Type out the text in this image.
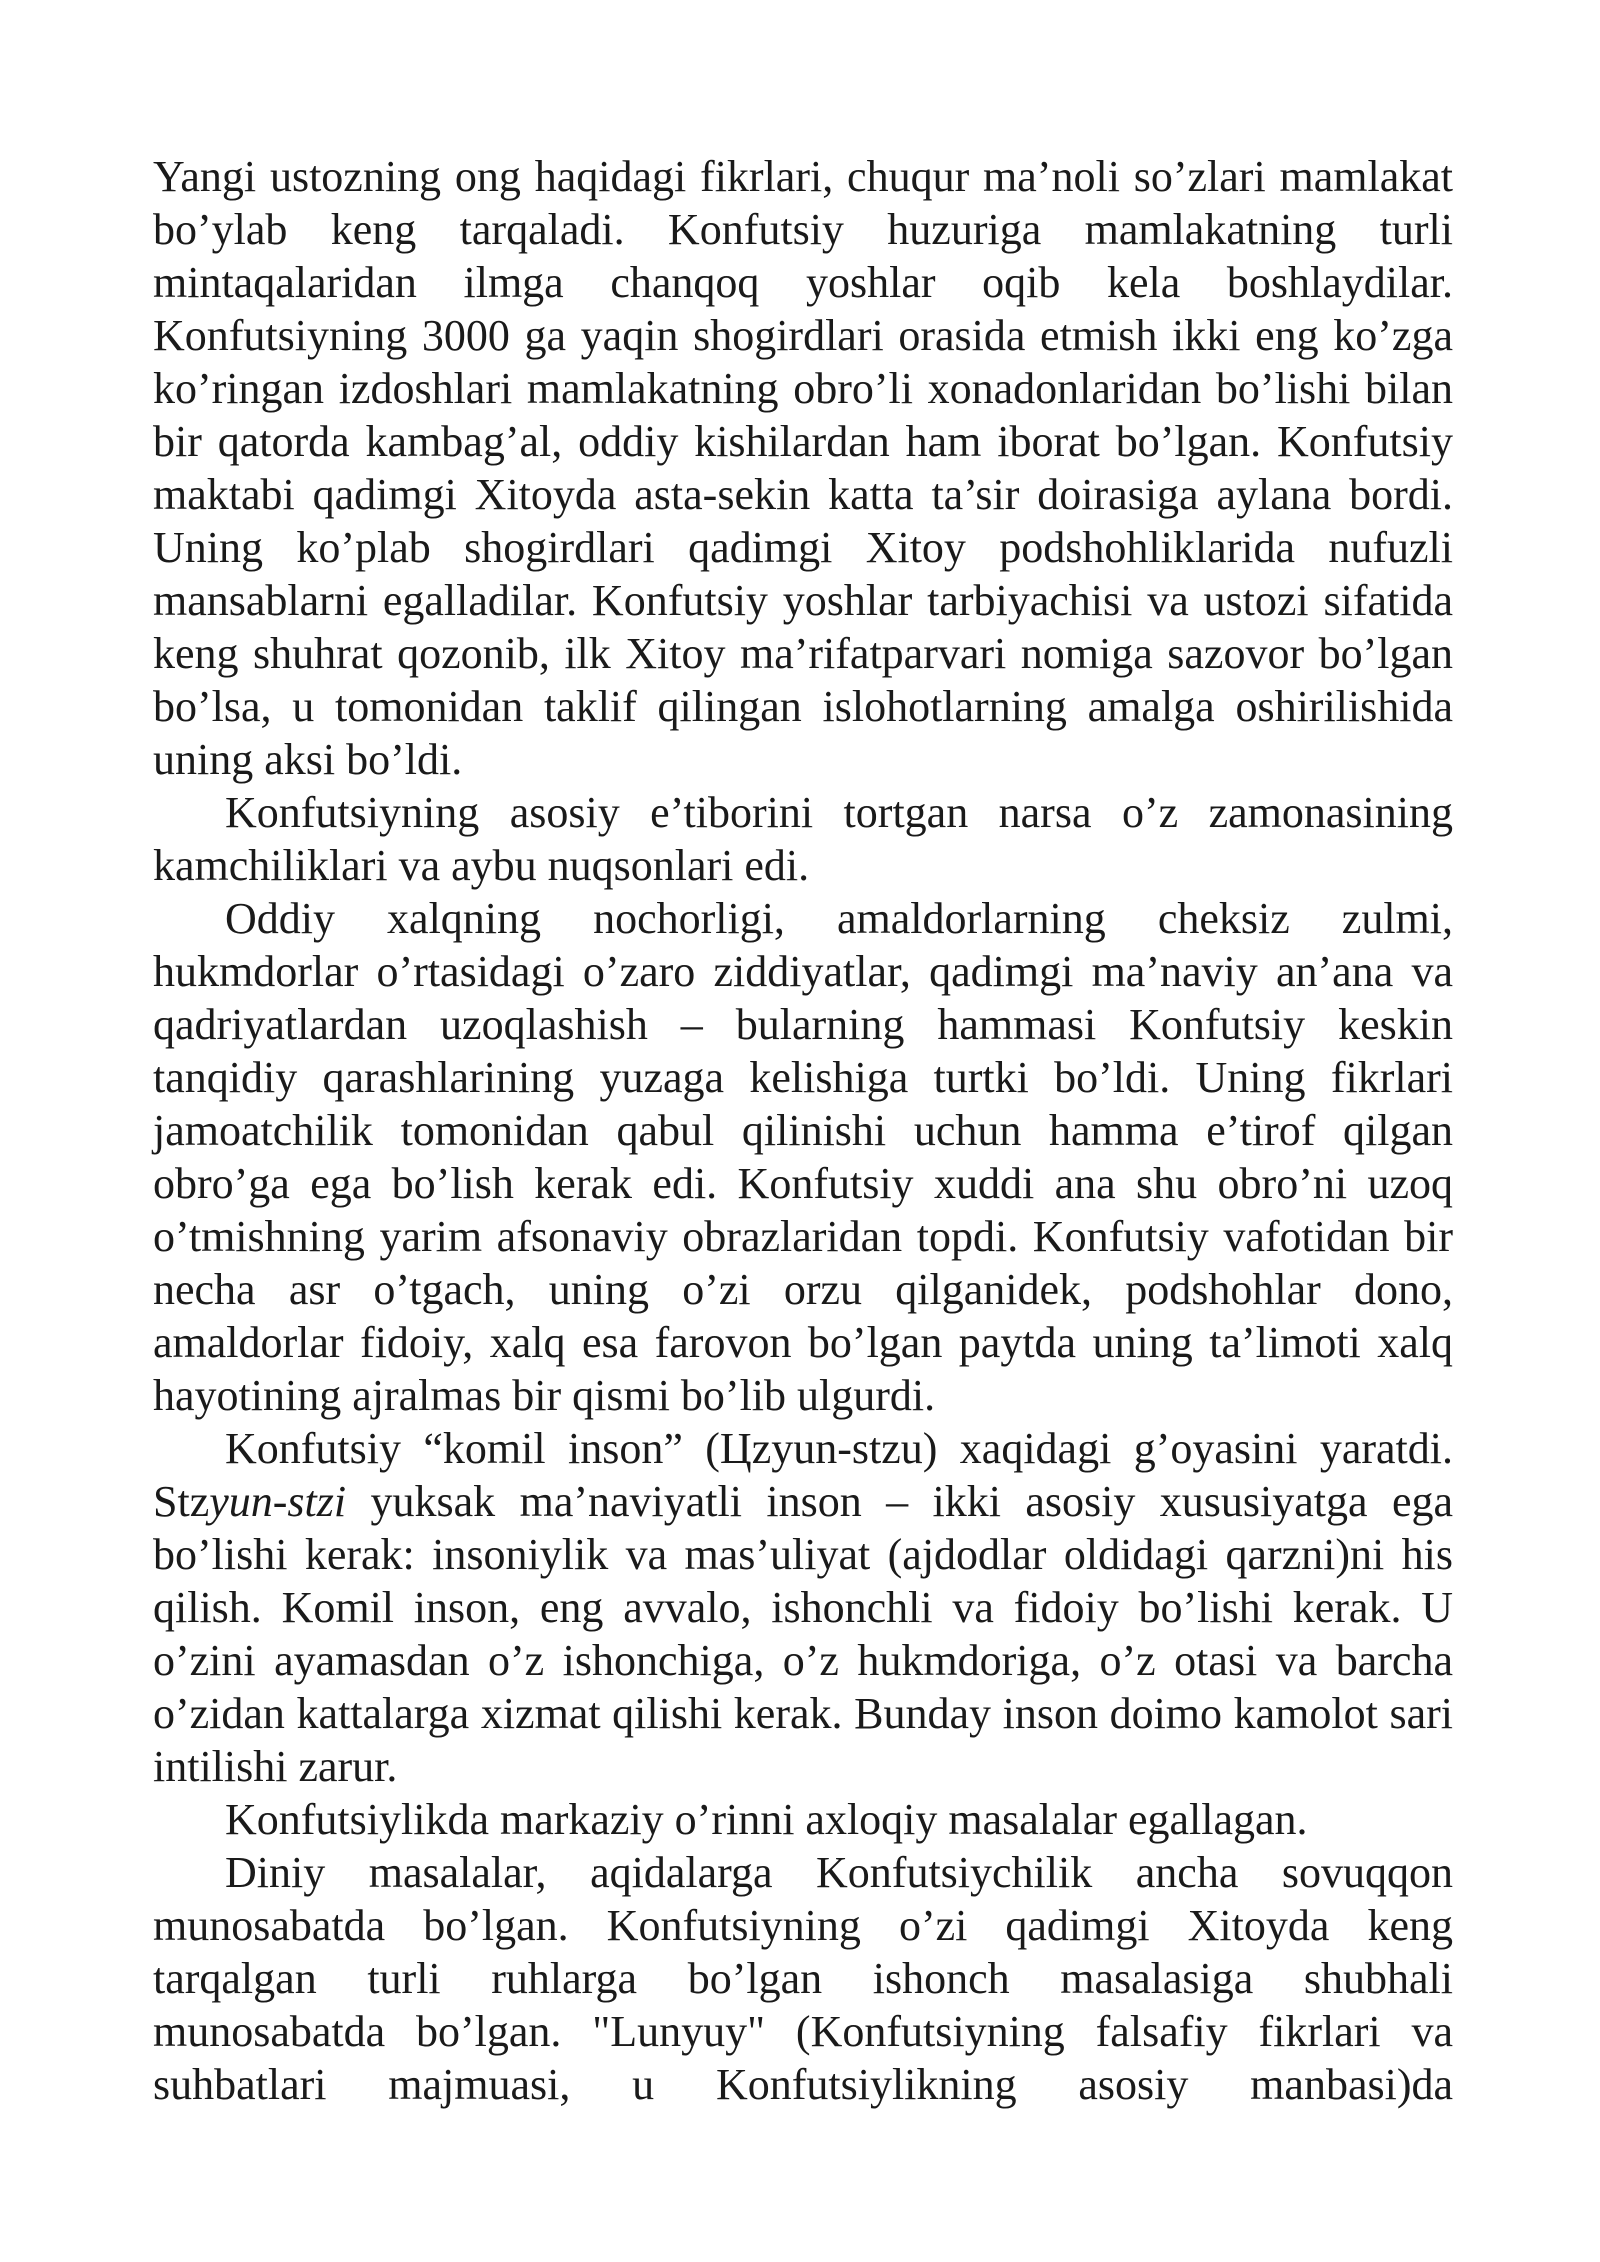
Yangi ustozning ong haqidagi fikrlari, chuqur ma’noli so’zlari mamlakat bo’ylab keng tarqaladi. Konfutsiy huzuriga mamlakatning turli mintaqalaridan ilmga chanqoq yoshlar oqib kela boshlaydilar. Konfutsiyning 3000 ga yaqin shogirdlari orasida etmish ikki eng ko’zga ko’ringan izdoshlari mamlakatning obro’li xonadonlaridan bo’lishi bilan bir qatorda kambag’al, oddiy kishilardan ham iborat bo’lgan. Konfutsiy maktabi qadimgi Xitoyda asta-sekin katta ta’sir doirasiga aylana bordi. Uning ko’plab shogirdlari qadimgi Xitoy podshohliklarida nufuzli mansablarni egalladilar. Konfutsiy yoshlar tarbiyachisi va ustozi sifatida keng shuhrat qozonib, ilk Xitoy ma’rifatparvari nomiga sazovor bo’lgan bo’lsa, u tomonidan taklif qilingan islohotlarning amalga oshirilishida uning aksi bo’ldi.

Konfutsiyning asosiy e’tiborini tortgan narsa o’z zamonasining kamchiliklari va aybu nuqsonlari edi.

Oddiy xalqning nochorligi, amaldorlarning cheksiz zulmi, hukmdorlar o’rtasidagi o’zaro ziddiyatlar, qadimgi ma’naviy an’ana va qadriyatlardan uzoqlashish – bularning hammasi Konfutsiy keskin tanqidiy qarashlarining yuzaga kelishiga turtki bo’ldi. Uning fikrlari jamoatchilik tomonidan qabul qilinishi uchun hamma e’tirof qilgan obro’ga ega bo’lish kerak edi. Konfutsiy xuddi ana shu obro’ni uzoq o’tmishning yarim afsonaviy obrazlaridan topdi. Konfutsiy vafotidan bir necha asr o’tgach, uning o’zi orzu qilganidek, podshohlar dono, amaldorlar fidoiy, xalq esa farovon bo’lgan paytda uning ta’limoti xalq hayotining ajralmas bir qismi bo’lib ulgurdi.

Konfutsiy “komil inson” (Цzyun-stzu) xaqidagi g’oyasini yaratdi. Stzyun-stzi yuksak ma’naviyatli inson – ikki asosiy xususiyatga ega bo’lishi kerak: insoniylik va mas’uliyat (ajdodlar oldidagi qarzni)ni his qilish. Komil inson, eng avvalo, ishonchli va fidoiy bo’lishi kerak. U o’zini ayamasdan o’z ishonchiga, o’z hukmdoriga, o’z otasi va barcha o’zidan kattalarga xizmat qilishi kerak. Bunday inson doimo kamolot sari intilishi zarur.

Konfutsiylikda markaziy o’rinni axloqiy masalalar egallagan.

Diniy masalalar, aqidalarga Konfutsiychilik ancha sovuqqon munosabatda bo’lgan. Konfutsiyning o’zi qadimgi Xitoyda keng tarqalgan turli ruhlarga bo’lgan ishonch masalasiga shubhali munosabatda bo’lgan. "Lunyuy" (Konfutsiyning falsafiy fikrlari va suhbatlari majmuasi, u Konfutsiylikning asosiy manbasi)da
